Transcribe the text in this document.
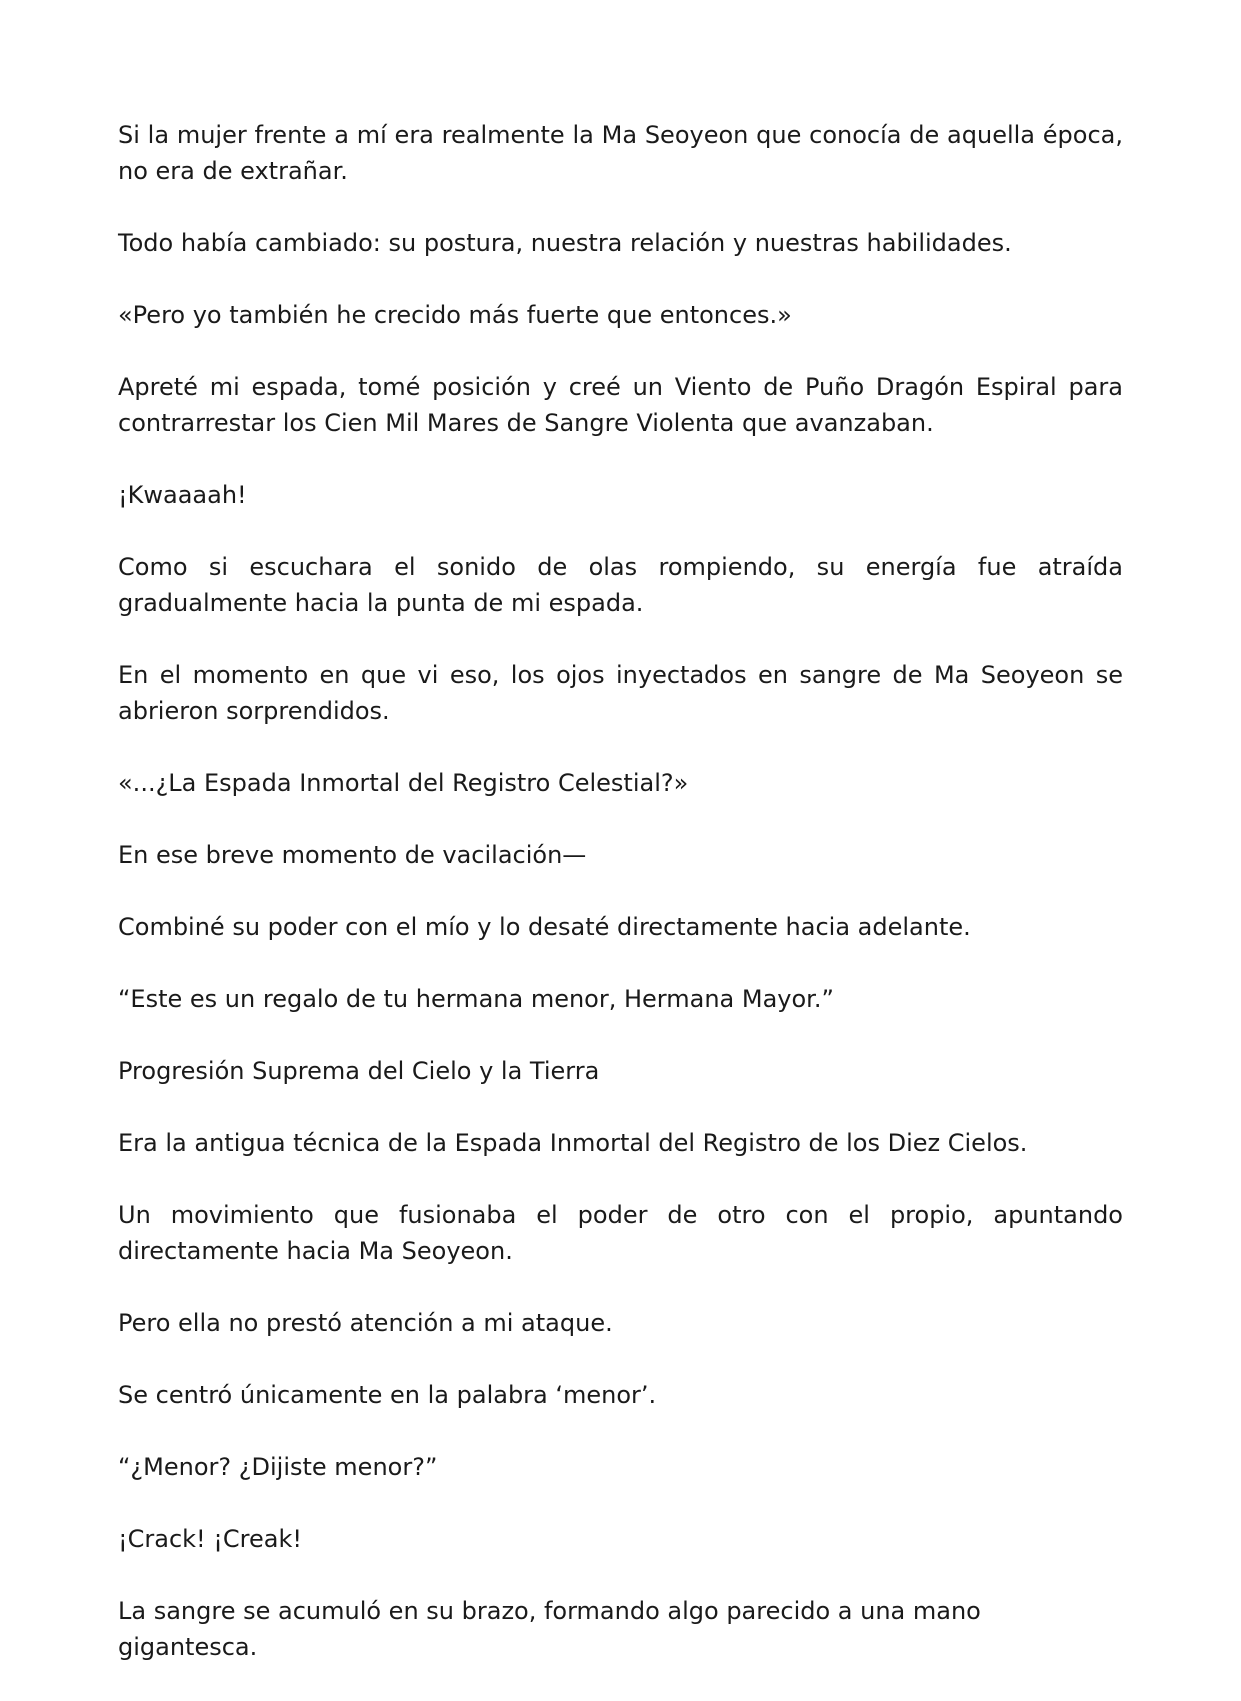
Si la mujer frente a mí era realmente la Ma Seoyeon que conocía de aquella época, no era de extrañar.

Todo había cambiado: su postura, nuestra relación y nuestras habilidades.

«Pero yo también he crecido más fuerte que entonces.»

Apreté mi espada, tomé posición y creé un Viento de Puño Dragón Espiral para contrarrestar los Cien Mil Mares de Sangre Violenta que avanzaban.

¡Kwaaaah!

Como si escuchara el sonido de olas rompiendo, su energía fue atraída gradualmente hacia la punta de mi espada.

En el momento en que vi eso, los ojos inyectados en sangre de Ma Seoyeon se abrieron sorprendidos.

«...¿La Espada Inmortal del Registro Celestial?»

En ese breve momento de vacilación—

Combiné su poder con el mío y lo desaté directamente hacia adelante.

“Este es un regalo de tu hermana menor, Hermana Mayor.”

Progresión Suprema del Cielo y la Tierra

Era la antigua técnica de la Espada Inmortal del Registro de los Diez Cielos.

Un movimiento que fusionaba el poder de otro con el propio, apuntando directamente hacia Ma Seoyeon.

Pero ella no prestó atención a mi ataque.

Se centró únicamente en la palabra ‘menor’.

“¿Menor? ¿Dijiste menor?”

¡Crack! ¡Creak!

La sangre se acumuló en su brazo, formando algo parecido a una mano gigantesca.
